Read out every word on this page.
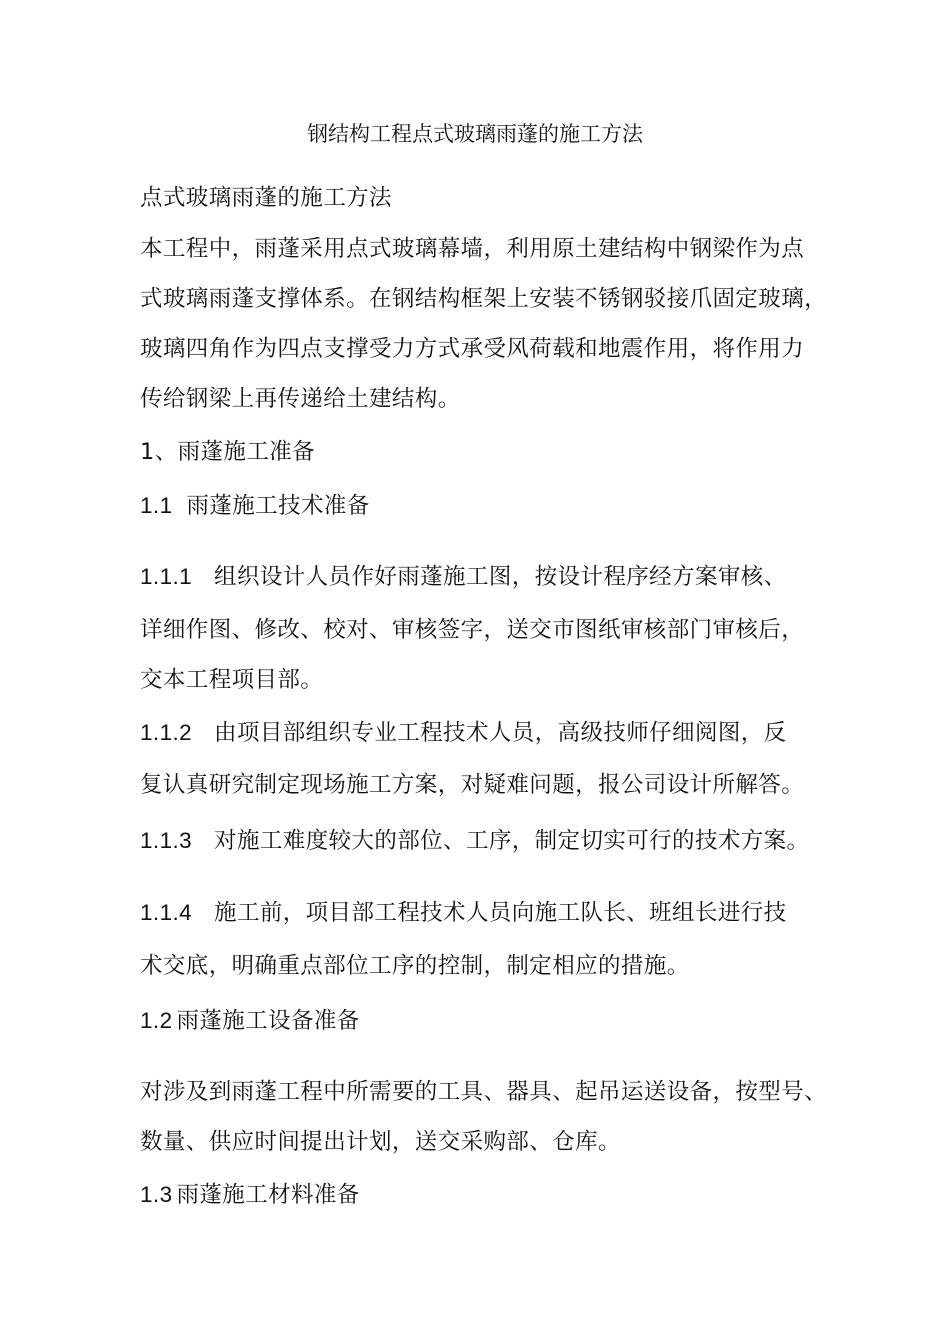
钢结构工程点式玻璃雨蓬的施工方法
点式玻璃雨蓬的施工方法
本工程中，雨蓬采用点式玻璃幕墙，利用原土建结构中钢梁作为点
式玻璃雨蓬支撑体系。在钢结构框架上安装不锈钢驳接爪固定玻璃，
玻璃四角作为四点支撑受力方式承受风荷载和地震作用，将作用力
传给钢梁上再传递给土建结构。
1、雨蓬施工准备
1.1 雨蓬施工技术准备
1.1.1 组织设计人员作好雨蓬施工图，按设计程序经方案审核、
详细作图、修改、校对、审核签字，送交市图纸审核部门审核后，
交本工程项目部。
1.1.2 由项目部组织专业工程技术人员，高级技师仔细阅图，反
复认真研究制定现场施工方案，对疑难问题，报公司设计所解答。
1.1.3 对施工难度较大的部位、工序，制定切实可行的技术方案。
1.1.4 施工前，项目部工程技术人员向施工队长、班组长进行技
术交底，明确重点部位工序的控制，制定相应的措施。
1.2 雨蓬施工设备准备
对涉及到雨蓬工程中所需要的工具、器具、起吊运送设备，按型号、
数量、供应时间提出计划，送交采购部、仓库。
1.3 雨蓬施工材料准备
